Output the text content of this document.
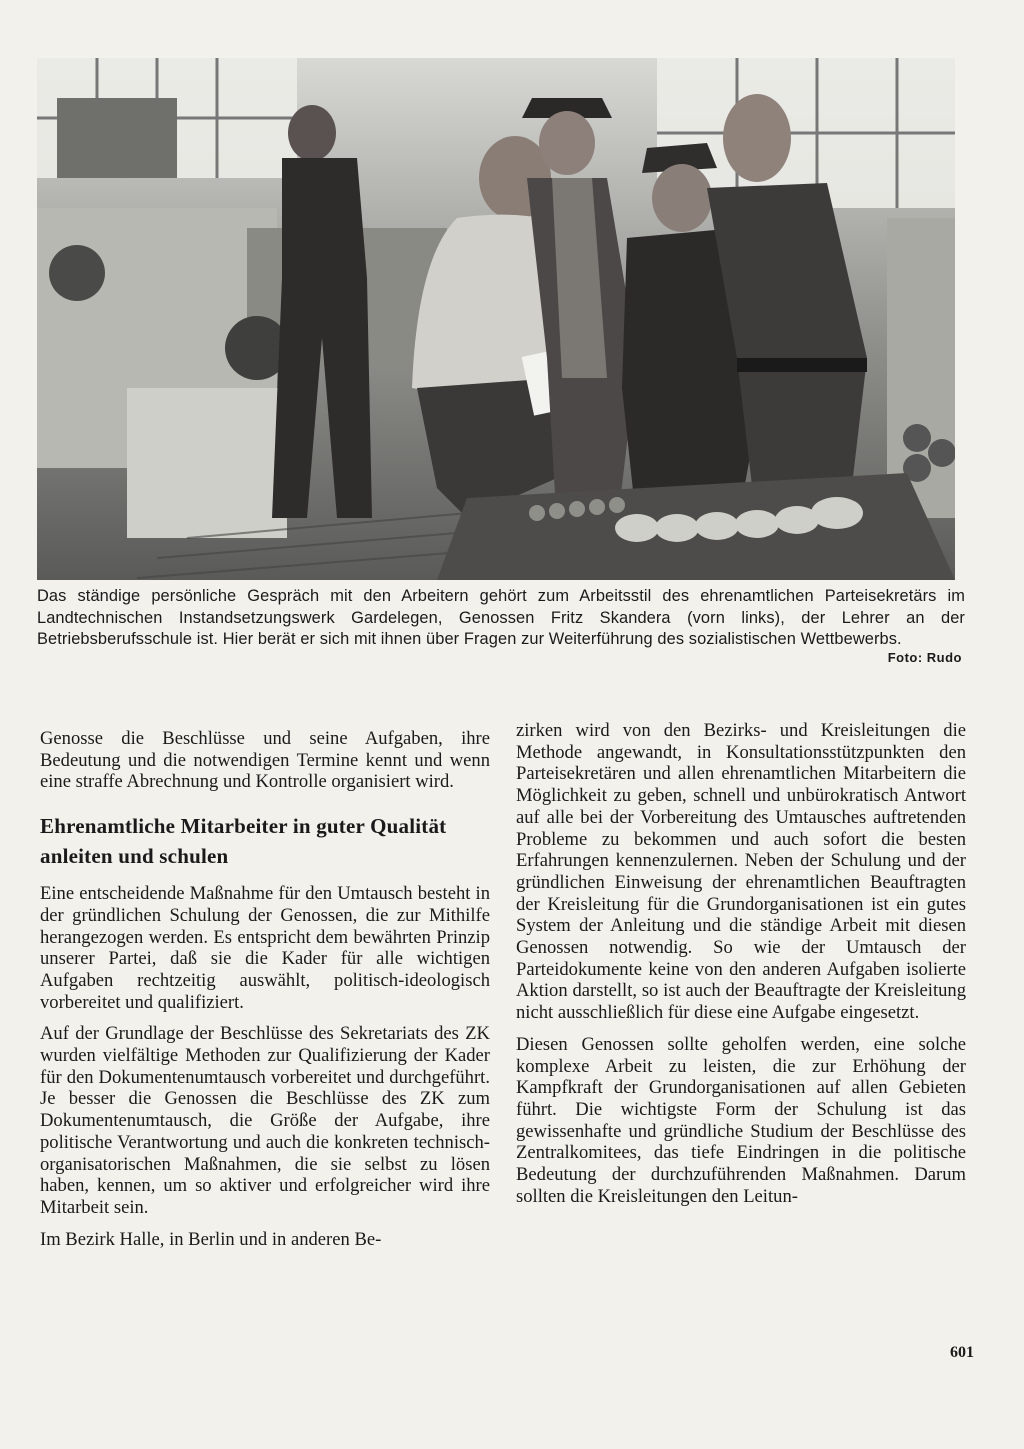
Das ständige persönliche Gespräch mit den Arbeitern gehört zum Arbeitsstil des ehrenamtlichen Parteisekretärs im Landtechnischen Instandsetzungswerk Gardelegen, Genossen Fritz Skandera (vorn links), der Lehrer an der Betriebsberufsschule ist. Hier berät er sich mit ihnen über Fragen zur Weiterführung des sozialistischen Wettbewerbs.

Foto: Rudo

Genosse die Beschlüsse und seine Aufgaben, ihre Bedeutung und die notwendigen Termine kennt und wenn eine straffe Abrechnung und Kontrolle organisiert wird.

Ehrenamtliche Mitarbeiter in guter Qualität anleiten und schulen

Eine entscheidende Maßnahme für den Umtausch besteht in der gründlichen Schulung der Genossen, die zur Mithilfe herangezogen werden. Es entspricht dem bewährten Prinzip unserer Partei, daß sie die Kader für alle wichtigen Aufgaben rechtzeitig auswählt, politisch-ideologisch vorbereitet und qualifiziert.

Auf der Grundlage der Beschlüsse des Sekretariats des ZK wurden vielfältige Methoden zur Qualifizierung der Kader für den Dokumentenumtausch vorbereitet und durchgeführt. Je besser die Genossen die Beschlüsse des ZK zum Dokumentenumtausch, die Größe der Aufgabe, ihre politische Verantwortung und auch die konkreten technisch-organisatorischen Maßnahmen, die sie selbst zu lösen haben, kennen, um so aktiver und erfolgreicher wird ihre Mitarbeit sein.

Im Bezirk Halle, in Berlin und in anderen Be-

zirken wird von den Bezirks- und Kreisleitungen die Methode angewandt, in Konsultationsstützpunkten den Parteisekretären und allen ehrenamtlichen Mitarbeitern die Möglichkeit zu geben, schnell und unbürokratisch Antwort auf alle bei der Vorbereitung des Umtausches auftretenden Probleme zu bekommen und auch sofort die besten Erfahrungen kennenzulernen. Neben der Schulung und der gründlichen Einweisung der ehrenamtlichen Beauftragten der Kreisleitung für die Grundorganisationen ist ein gutes System der Anleitung und die ständige Arbeit mit diesen Genossen notwendig. So wie der Umtausch der Parteidokumente keine von den anderen Aufgaben isolierte Aktion darstellt, so ist auch der Beauftragte der Kreisleitung nicht ausschließlich für diese eine Aufgabe eingesetzt.

Diesen Genossen sollte geholfen werden, eine solche komplexe Arbeit zu leisten, die zur Erhöhung der Kampfkraft der Grundorganisationen auf allen Gebieten führt. Die wichtigste Form der Schulung ist das gewissenhafte und gründliche Studium der Beschlüsse des Zentralkomitees, das tiefe Eindringen in die politische Bedeutung der durchzuführenden Maßnahmen. Darum sollten die Kreisleitungen den Leitun-

601
